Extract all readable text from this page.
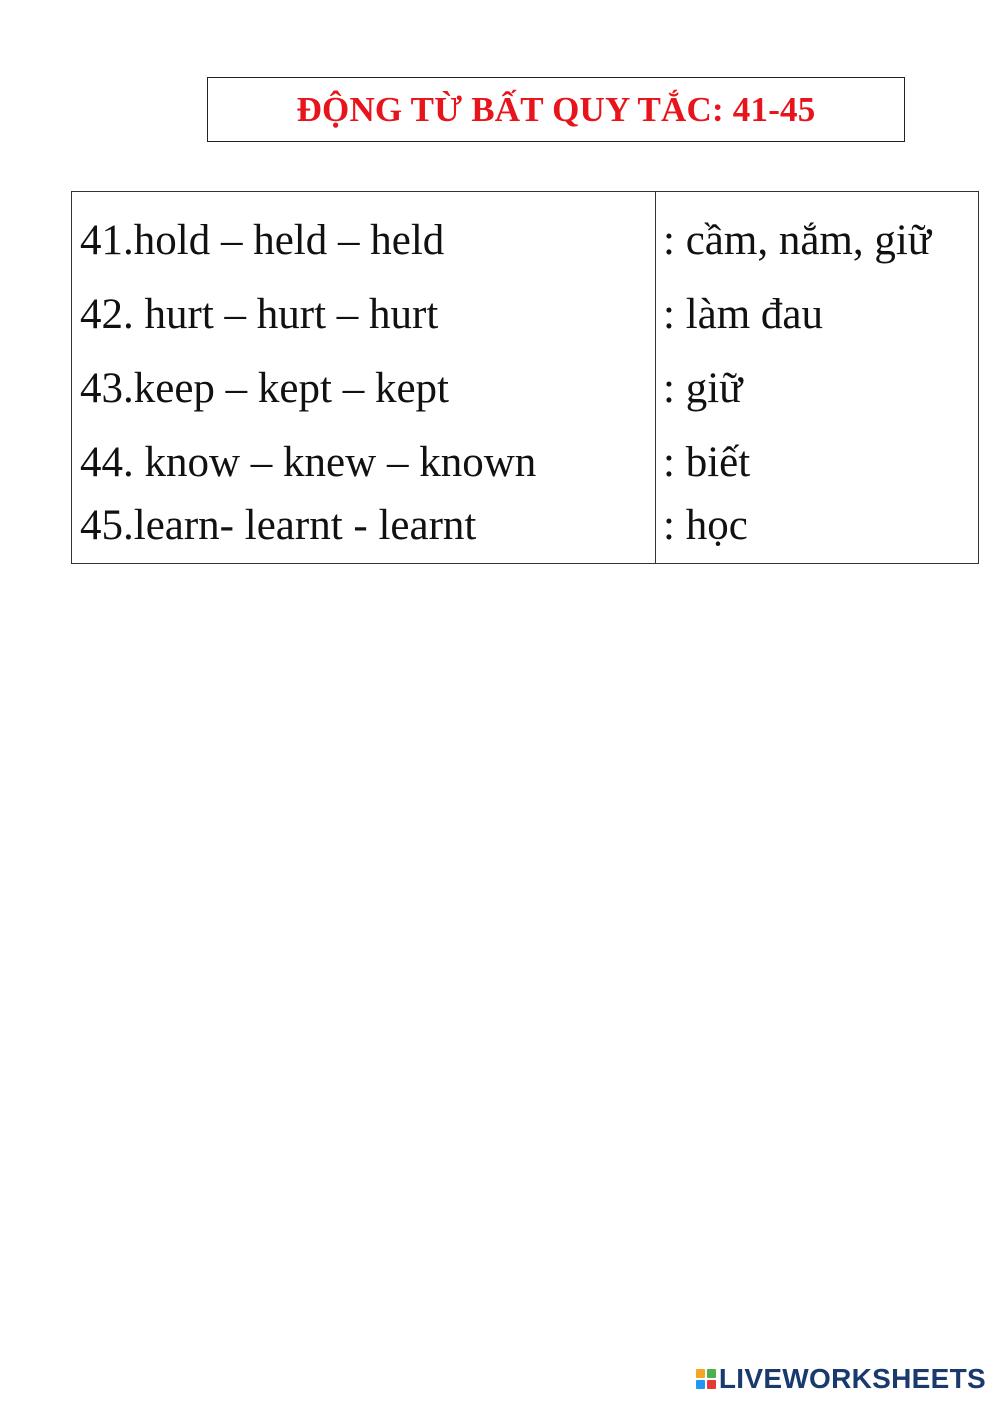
ĐỘNG TỪ BẤT QUY TẮC: 41-45
41.hold – held – held	: cầm, nắm, giữ
42. hurt – hurt – hurt	: làm đau
43.keep – kept – kept	: giữ
44. know – knew – known	: biết
45.learn- learnt - learnt	: học
LIVEWORKSHEETS
